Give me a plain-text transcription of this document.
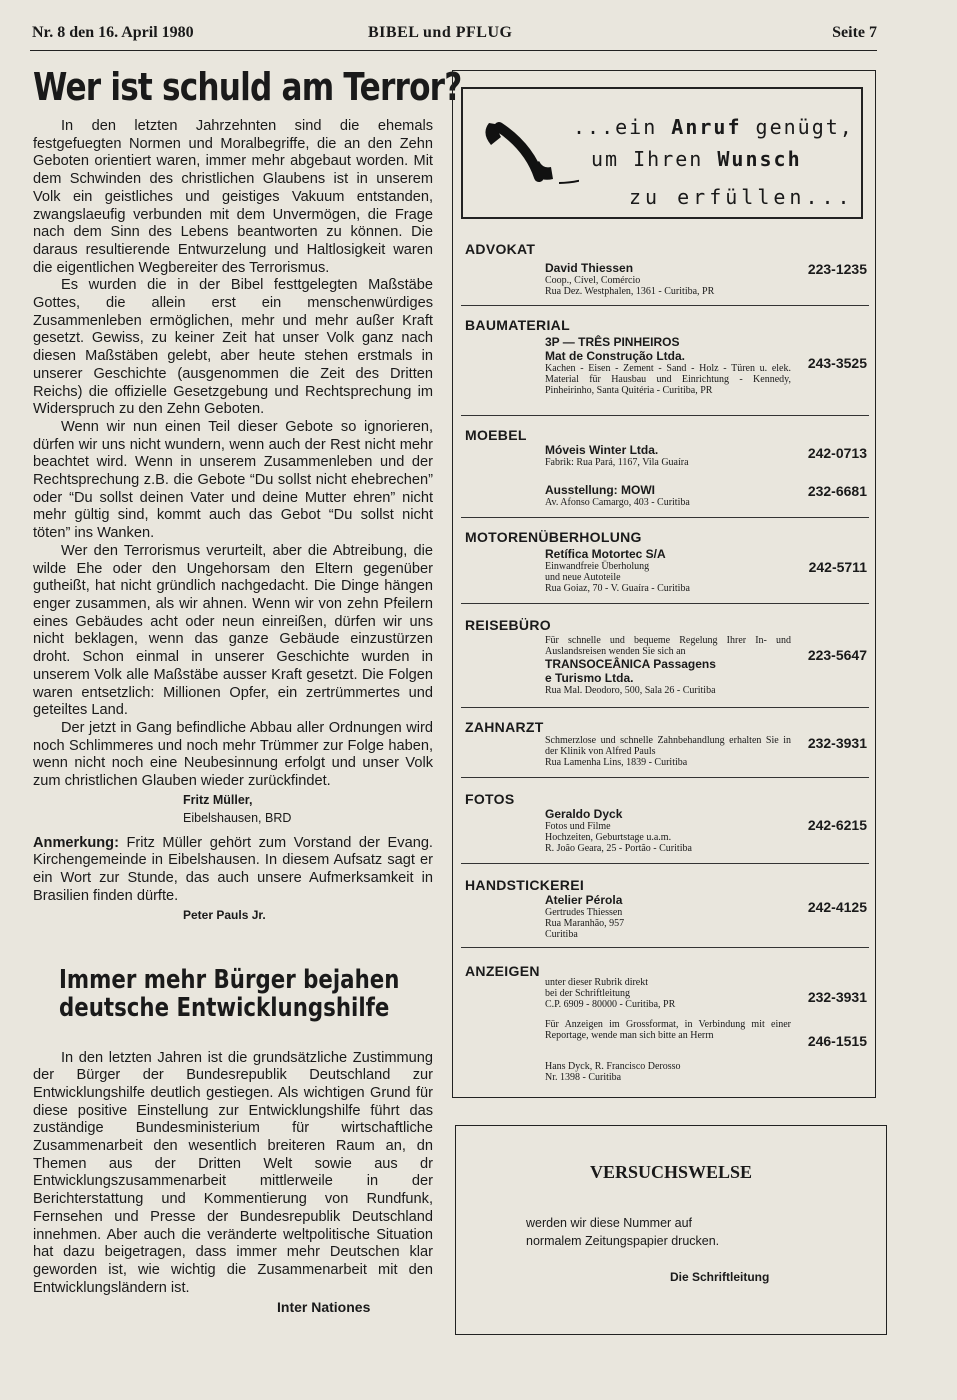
Nr. 8 den 16. April 1980	BIBEL und PFLUG	Seite 7
Wer ist schuld am Terror?

In den letzten Jahrzehnten sind die ehemals festgefuegten Normen und Moralbegriffe, die an den Zehn Geboten orientiert waren, immer mehr abgebaut worden. Mit dem Schwinden des christlichen Glaubens ist in unserem Volk ein geistliches und geistiges Vakuum entstanden, zwangslaeufig verbunden mit dem Unvermögen, die Frage nach dem Sinn des Lebens beantworten zu können. Die daraus resultierende Entwurzelung und Haltlosigkeit waren die eigentlichen Wegbereiter des Terrorismus.

Es wurden die in der Bibel festtgelegten Maßstäbe Gottes, die allein erst ein menschenwürdiges Zusammenleben ermöglichen, mehr und mehr außer Kraft gesetzt. Gewiss, zu keiner Zeit hat unser Volk ganz nach diesen Maßstäben gelebt, aber heute stehen erstmals in unserer Geschichte (ausgenommen die Zeit des Dritten Reichs) die offizielle Gesetzgebung und Rechtsprechung im Widerspruch zu den Zehn Geboten.

Wenn wir nun einen Teil dieser Gebote so ignorieren, dürfen wir uns nicht wundern, wenn auch der Rest nicht mehr beachtet wird. Wenn in unserem Zusammenleben und der Rechtsprechung z.B. die Gebote “Du sollst nicht ehebrechen” oder “Du sollst deinen Vater und deine Mutter ehren” nicht mehr gültig sind, kommt auch das Gebot “Du sollst nicht töten” ins Wanken.

Wer den Terrorismus verurteilt, aber die Abtreibung, die wilde Ehe oder den Ungehorsam den Eltern gegenüber gutheißt, hat nicht gründlich nachgedacht. Die Dinge hängen enger zusammen, als wir ahnen. Wenn wir von zehn Pfeilern eines Gebäudes acht oder neun einreißen, dürfen wir uns nicht beklagen, wenn das ganze Gebäude einzustürzen droht. Schon einmal in unserer Geschichte wurden in unserem Volk alle Maßstäbe ausser Kraft gesetzt. Die Folgen waren entsetzlich: Millionen Opfer, ein zertrümmertes und geteiltes Land.

Der jetzt in Gang befindliche Abbau aller Ordnungen wird noch Schlimmeres und noch mehr Trümmer zur Folge haben, wenn nicht noch eine Neubesinnung erfolgt und unser Volk zum christlichen Glauben wieder zurückfindet.

Fritz Müller,
Eibelshausen, BRD
Anmerkung: Fritz Müller gehört zum Vorstand der Evang. Kirchengemeinde in Eibelshausen. In diesem Aufsatz sagt er ein Wort zur Stunde, das auch unsere Aufmerksamkeit in Brasilien finden dürfte.
Peter Pauls Jr.
Immer mehr Bürger bejahen
deutsche Entwicklungshilfe

In den letzten Jahren ist die grundsätzliche Zustimmung der Bürger der Bundesrepublik Deutschland zur Entwicklungshilfe deutlich gestiegen. Als wichtigen Grund für diese positive Einstellung zur Entwicklungshilfe führt das zuständige Bundesministerium für wirtschaftliche Zusammenarbeit den wesentlich breiteren Raum an, dn Themen aus der Dritten Welt sowie aus dr Entwicklungszusammenarbeit mittlerweile in der Berichterstattung und Kommentierung von Rundfunk, Fernsehen und Presse der Bundesrepublik Deutschland innehmen. Aber auch die veränderte weltpolitische Situation hat dazu beigetragen, dass immer mehr Deutschen klar geworden ist, wie wichtig die Zusammenarbeit mit den Entwicklungsländern ist.

Inter Nationes
...ein Anruf genügt,
um Ihren Wunsch
zu erfüllen...
ADVOKAT
David Thiessen
Coop., Cível, Comércio
Rua Dez. Westphalen, 1361 - Curitiba, PR
223-1235
BAUMATERIAL
3P — TRÊS PINHEIROS
Mat de Construção Ltda.
Kachen - Eisen - Zement - Sand - Holz - Türen u. elek. Material für Hausbau und Einrichtung - Kennedy, Pinheirinho, Santa Quitéria - Curitiba, PR
243-3525
MOEBEL
Móveis Winter Ltda.
Fabrik: Rua Pará, 1167, Vila Guaíra
242-0713
Ausstellung: MOWI
Av. Afonso Camargo, 403 - Curitiba
232-6681
MOTORENÜBERHOLUNG
Retífica Motortec S/A
Einwandfreie Überholung
und neue Autoteile
Rua Goiaz, 70 - V. Guaíra - Curitiba
242-5711
REISEBÜRO
Für schnelle und bequeme Regelung Ihrer In- und Auslandsreisen wenden Sie sich an
TRANSOCEÂNICA Passagens
e Turismo Ltda.
Rua Mal. Deodoro, 500, Sala 26 - Curitiba
223-5647
ZAHNARZT
Schmerzlose und schnelle Zahnbehandlung erhalten Sie in der Klinik von Alfred Pauls
Rua Lamenha Lins, 1839 - Curitiba
232-3931
FOTOS
Geraldo Dyck
Fotos und Filme
Hochzeiten, Geburtstage u.a.m.
R. João Geara, 25 - Portão - Curitiba
242-6215
HANDSTICKEREI
Atelier Pérola
Gertrudes Thiessen
Rua Maranhão, 957
Curitiba
242-4125
ANZEIGEN
unter dieser Rubrik direkt
bei der Schriftleitung
C.P. 6909 - 80000 - Curitiba, PR	232-3931
Für Anzeigen im Grossformat, in Verbindung mit einer Reportage, wende man sich bitte an Herrn	246-1515
Hans Dyck, R. Francisco Derosso
Nr. 1398 - Curitiba
VERSUCHSWELSE
werden wir diese Nummer auf
normalem Zeitungspapier drucken.
Die Schriftleitung
